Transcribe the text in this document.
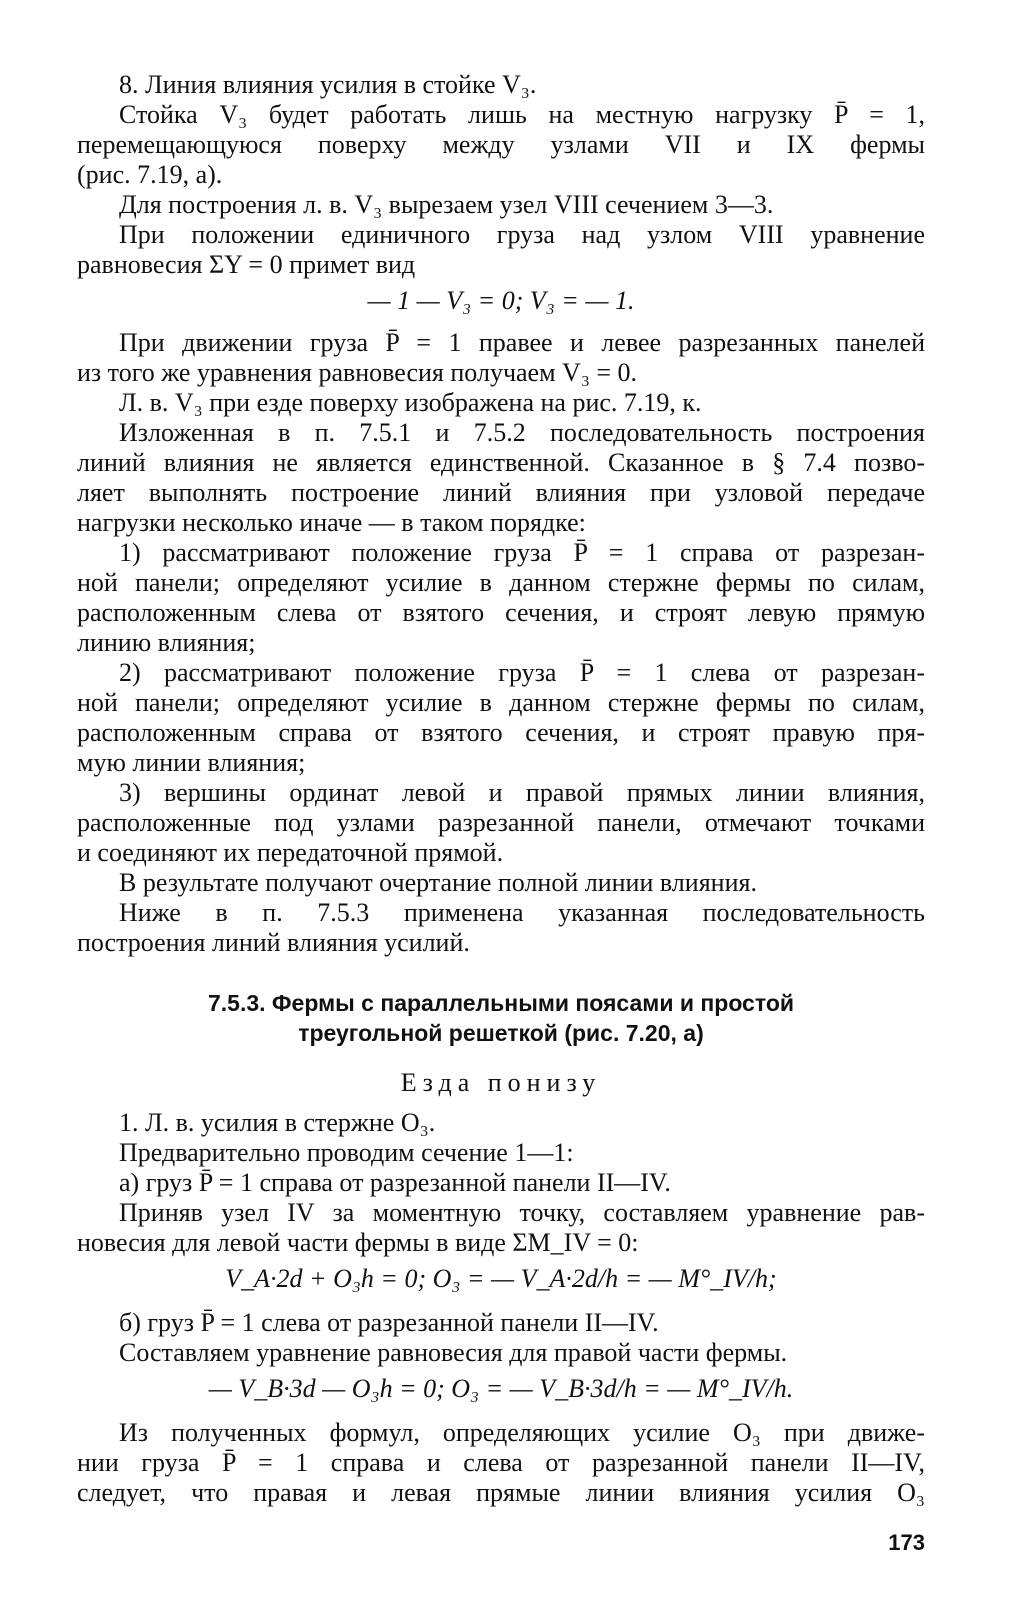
8. Линия влияния усилия в стойке V₃.
Стойка V₃ будет работать лишь на местную нагрузку P̄ = 1,
перемещающуюся поверху между узлами VII и IX фермы
(рис. 7.19, а).
Для построения л. в. V₃ вырезаем узел VIII сечением 3—3.
При положении единичного груза над узлом VIII уравнение
равновесия ΣY = 0 примет вид
— 1 — V₃ = 0; V₃ = — 1.
При движении груза P̄ = 1 правее и левее разрезанных панелей
из того же уравнения равновесия получаем V₃ = 0.
Л. в. V₃ при езде поверху изображена на рис. 7.19, к.
Изложенная в п. 7.5.1 и 7.5.2 последовательность построения
линий влияния не является единственной. Сказанное в § 7.4 позво-
ляет выполнять построение линий влияния при узловой передаче
нагрузки несколько иначе — в таком порядке:
1) рассматривают положение груза P̄ = 1 справа от разрезан-
ной панели; определяют усилие в данном стержне фермы по силам,
расположенным слева от взятого сечения, и строят левую прямую
линию влияния;
2) рассматривают положение груза P̄ = 1 слева от разрезан-
ной панели; определяют усилие в данном стержне фермы по силам,
расположенным справа от взятого сечения, и строят правую пря-
мую линии влияния;
3) вершины ординат левой и правой прямых линии влияния,
расположенные под узлами разрезанной панели, отмечают точками
и соединяют их передаточной прямой.
В результате получают очертание полной линии влияния.
Ниже в п. 7.5.3 применена указанная последовательность
построения линий влияния усилий.
7.5.3. Фермы с параллельными поясами и простой
треугольной решеткой (рис. 7.20, а)
Езда понизу
1. Л. в. усилия в стержне O₃.
Предварительно проводим сечение 1—1:
а) груз P̄ = 1 справа от разрезанной панели II—IV.
Приняв узел IV за моментную точку, составляем уравнение рав-
новесия для левой части фермы в виде ΣM_IV = 0:
V_A·2d + O₃h = 0; O₃ = — V_A·2d/h = — M°_IV/h;
б) груз P̄ = 1 слева от разрезанной панели II—IV.
Составляем уравнение равновесия для правой части фермы.
— V_B·3d — O₃h = 0; O₃ = — V_B·3d/h = — M°_IV/h.
Из полученных формул, определяющих усилие O₃ при движе-
нии груза P̄ = 1 справа и слева от разрезанной панели II—IV,
следует, что правая и левая прямые линии влияния усилия O₃
173
